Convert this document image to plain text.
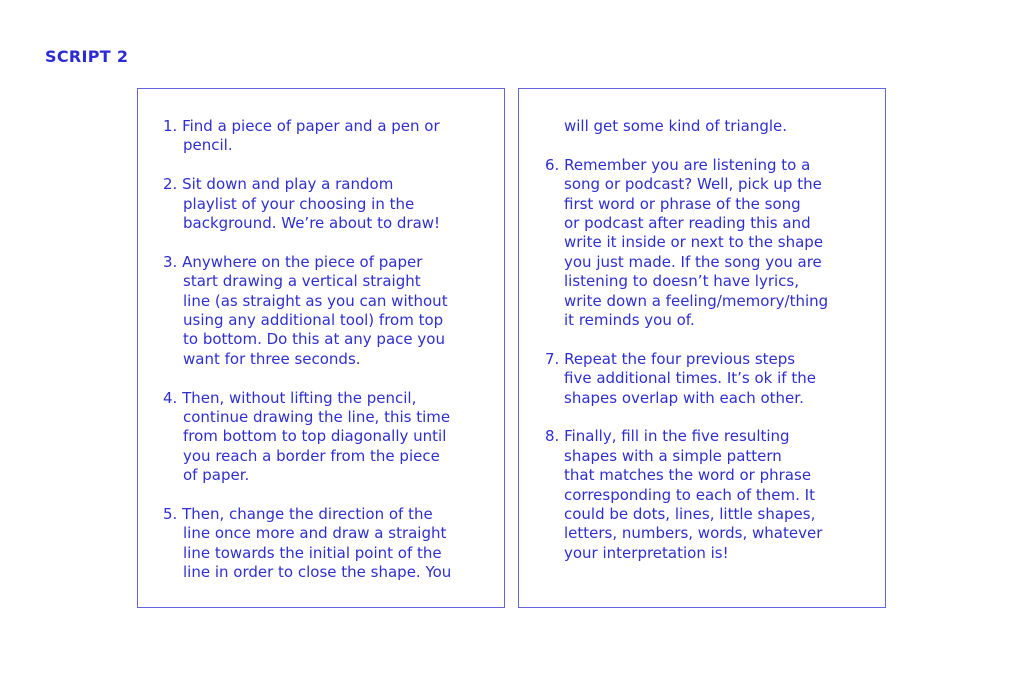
SCRIPT 2
1. Find a piece of paper and a pen or
pencil.
2. Sit down and play a random
playlist of your choosing in the
background. We’re about to draw!
3. Anywhere on the piece of paper
start drawing a vertical straight
line (as straight as you can without
using any additional tool) from top
to bottom. Do this at any pace you
want for three seconds.
4. Then, without lifting the pencil,
continue drawing the line, this time
from bottom to top diagonally until
you reach a border from the piece
of paper.
5. Then, change the direction of the
line once more and draw a straight
line towards the initial point of the
line in order to close the shape. You
will get some kind of triangle.
6. Remember you are listening to a
song or podcast? Well, pick up the
first word or phrase of the song
or podcast after reading this and
write it inside or next to the shape
you just made. If the song you are
listening to doesn’t have lyrics,
write down a feeling/memory/thing
it reminds you of.
7. Repeat the four previous steps
five additional times. It’s ok if the
shapes overlap with each other.
8. Finally, fill in the five resulting
shapes with a simple pattern
that matches the word or phrase
corresponding to each of them. It
could be dots, lines, little shapes,
letters, numbers, words, whatever
your interpretation is!
